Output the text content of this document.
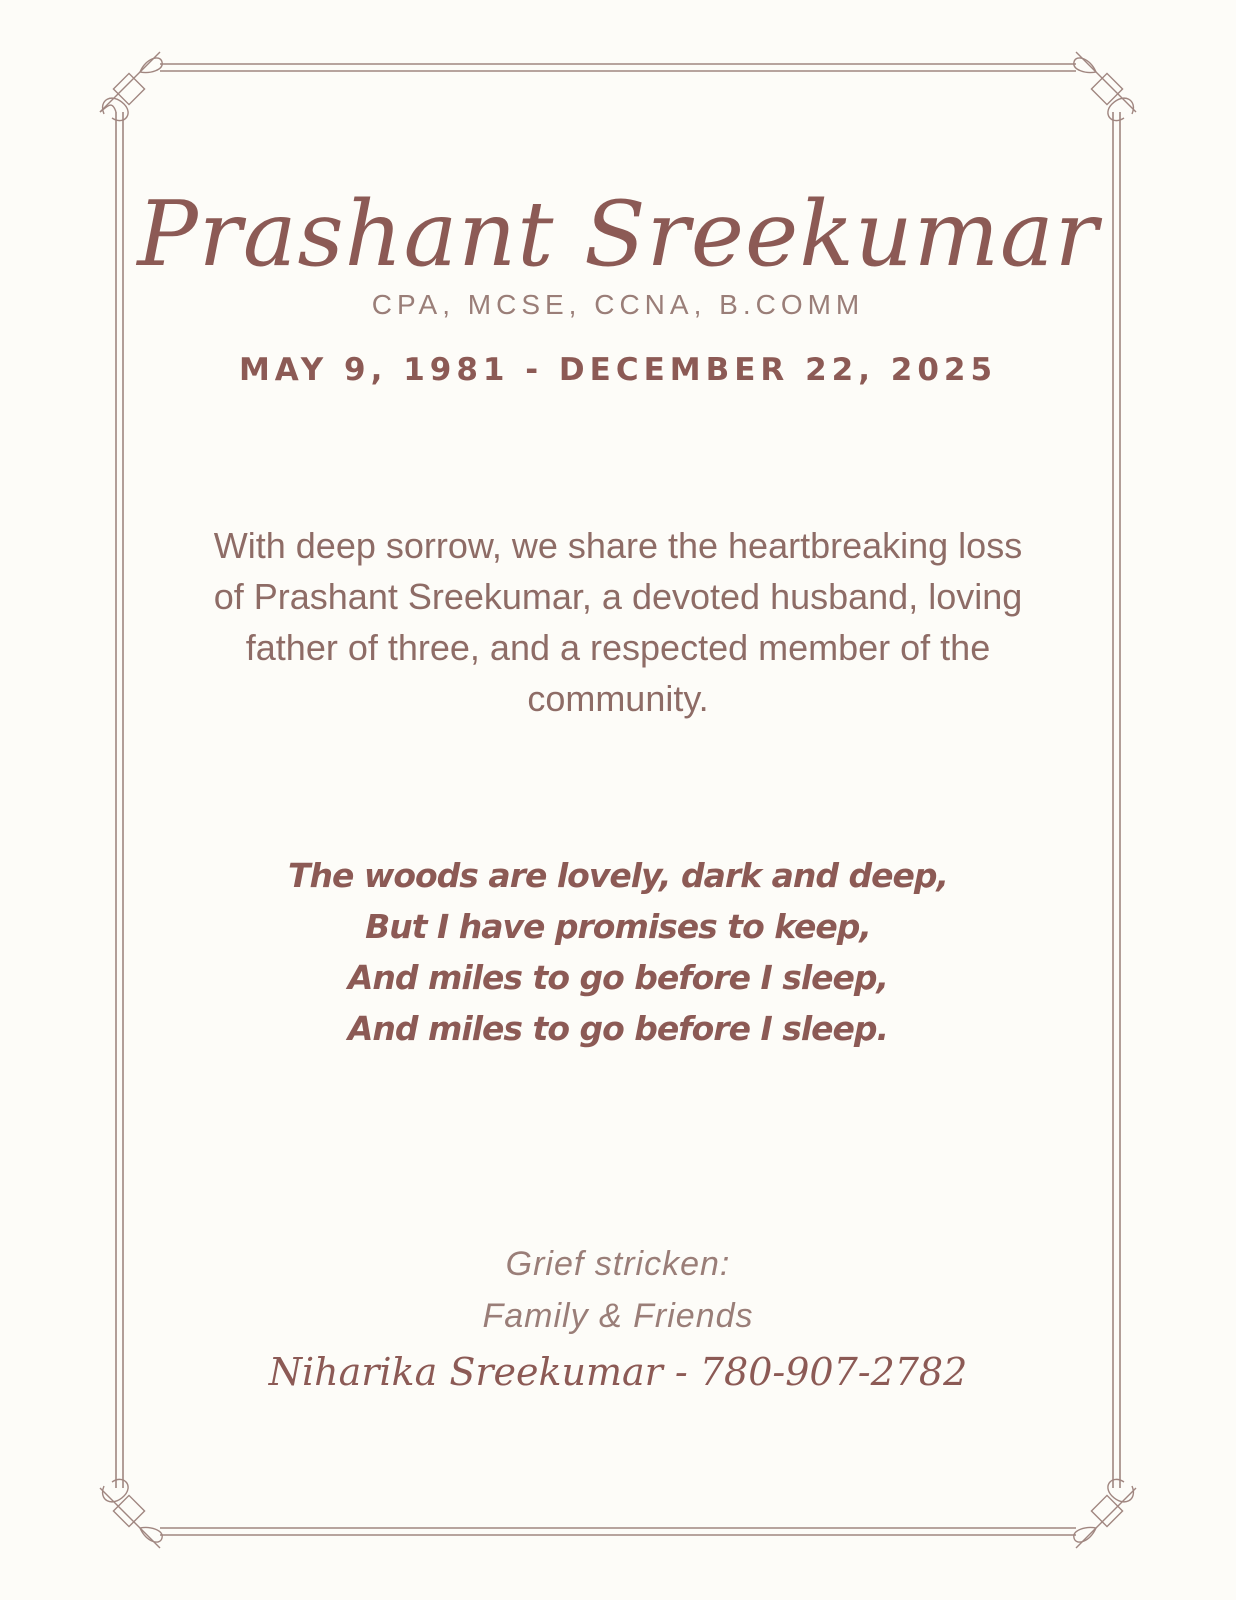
Prashant Sreekumar
CPA, MCSE, CCNA, B.COMM
MAY 9, 1981 - DECEMBER 22, 2025
With deep sorrow, we share the heartbreaking loss of Prashant Sreekumar, a devoted husband, loving father of three, and a respected member of the community.
The woods are lovely, dark and deep,
But I have promises to keep,
And miles to go before I sleep,
And miles to go before I sleep.
Grief stricken:
Family & Friends
Niharika Sreekumar - 780-907-2782
